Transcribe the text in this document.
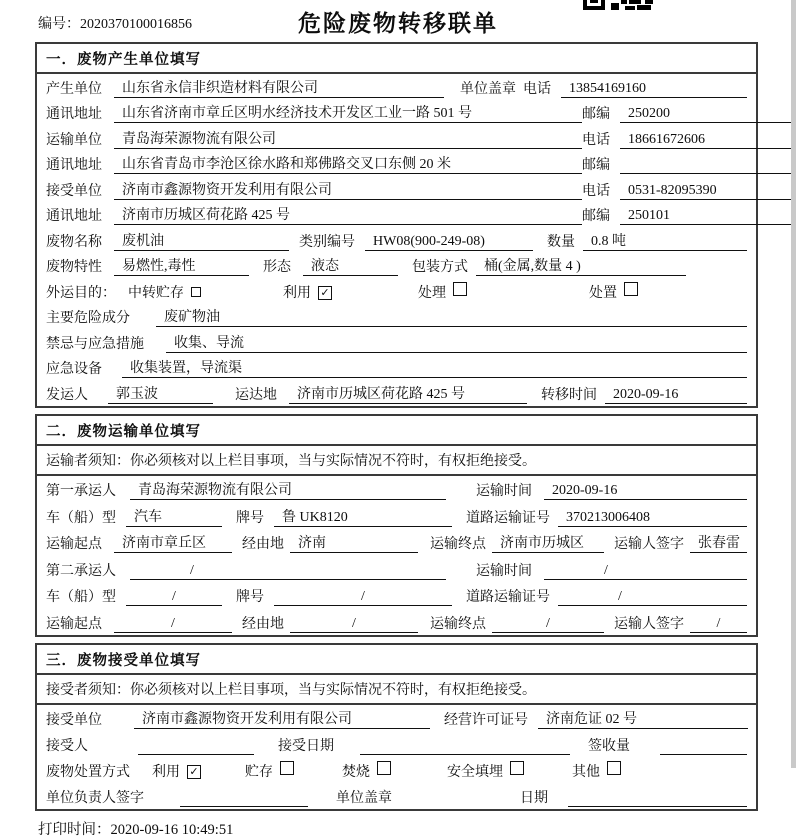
编号：2020370100016856	危险废物转移联单
一．废物产生单位填写
产生单位	山东省永信非织造材料有限公司	单位盖章 电话	13854169160
通讯地址	山东省济南市章丘区明水经济技术开发区工业一路 501 号	邮编	250200
运输单位	青岛海荣源物流有限公司	电话	18661672606
通讯地址	山东省青岛市李沧区徐水路和郑佛路交叉口东侧 20 米	邮编
接受单位	济南市鑫源物资开发利用有限公司	电话	0531-82095390
通讯地址	济南市历城区荷花路 425 号	邮编	250101
废物名称	废机油	类别编号	HW08(900-249-08)	数量	0.8 吨
废物特性	易燃性,毒性	形态	液态	包装方式	桶(金属,数量 4 )
外运目的： 中转贮存	利用 ✓	处理	处置
主要危险成分	废矿物油
禁忌与应急措施	收集、导流
应急设备	收集装置，导流渠
发运人	郭玉波	运达地	济南市历城区荷花路 425 号	转移时间	2020-09-16
二．废物运输单位填写
运输者须知：你必须核对以上栏目事项，当与实际情况不符时，有权拒绝接受。
第一承运人	青岛海荣源物流有限公司	运输时间	2020-09-16
车（船）型	汽车	牌号	鲁 UK8120	道路运输证号	370213006408
运输起点	济南市章丘区	经由地	济南	运输终点	济南市历城区	运输人签字	张春雷
第二承运人	/	运输时间	/
车（船）型	/	牌号	/	道路运输证号	/
运输起点	/	经由地	/	运输终点	/	运输人签字	/
三．废物接受单位填写
接受者须知：你必须核对以上栏目事项，当与实际情况不符时，有权拒绝接受。
接受单位	济南市鑫源物资开发利用有限公司	经营许可证号	济南危证 02 号
接受人	接受日期	签收量
废物处置方式 利用 ✓	贮存	焚烧	安全填埋	其他
单位负责人签字	单位盖章	日期
打印时间：2020-09-16 10:49:51
